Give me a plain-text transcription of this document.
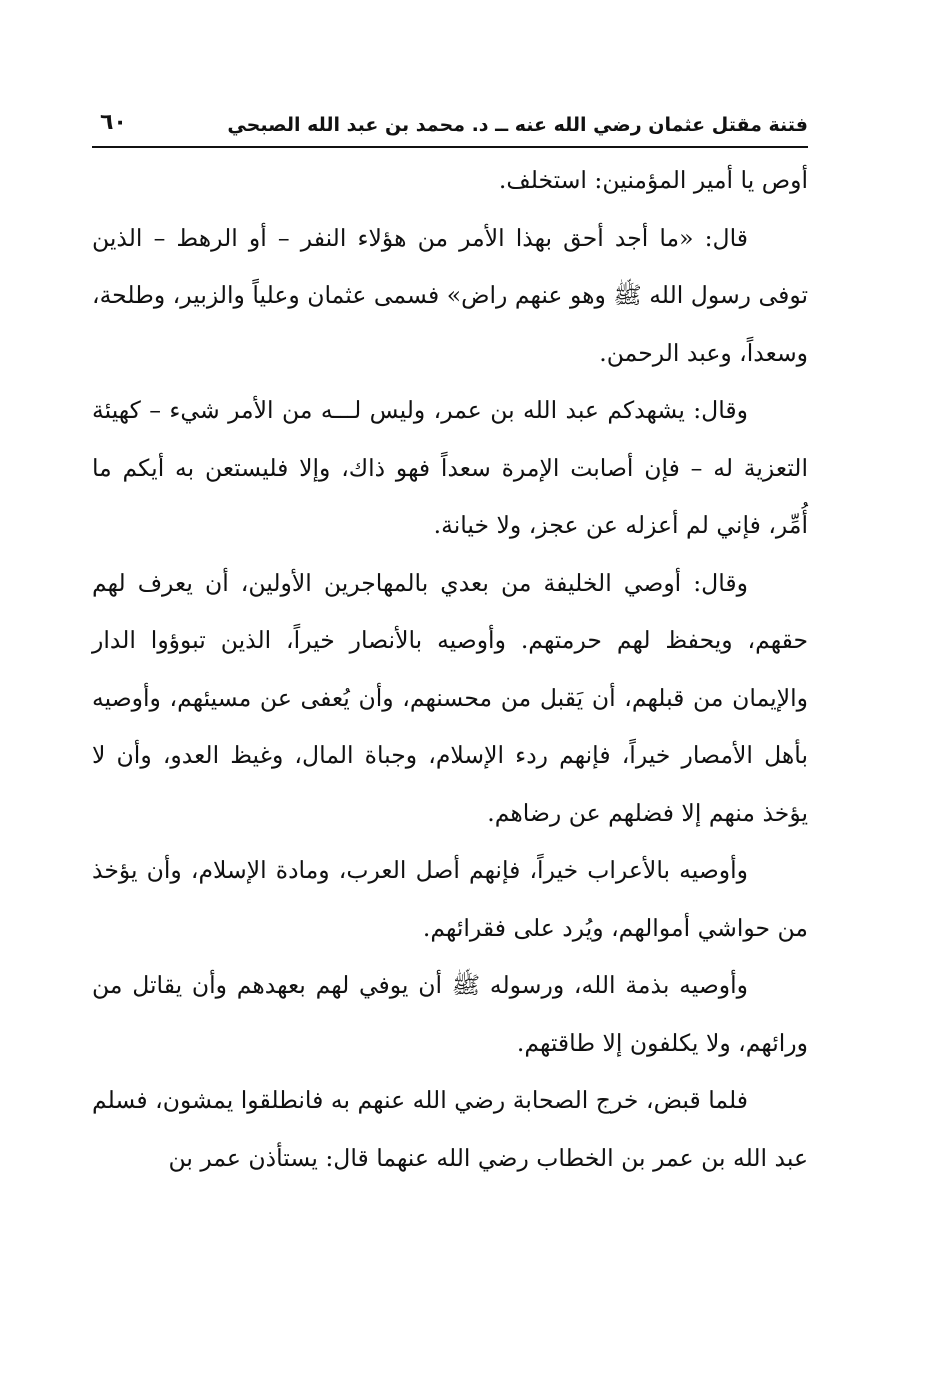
فتنة مقتل عثمان رضي الله عنه ــ د. محمد بن عبد الله الصبحي
٦٠

أوص يا أمير المؤمنين: استخلف.

قال: «ما أجد أحق بهذا الأمر من هؤلاء النفر – أو الرهط – الذين توفى رسول الله ﷺ وهو عنهم راض» فسمى عثمان وعلياً والزبير، وطلحة، وسعداً، وعبد الرحمن.

وقال: يشهدكم عبد الله بن عمر، وليس لـــه من الأمر شيء – كهيئة التعزية له – فإن أصابت الإمرة سعداً فهو ذاك، وإلا فليستعن به أيكم ما أُمِّر، فإني لم أعزله عن عجز، ولا خيانة.

وقال: أوصي الخليفة من بعدي بالمهاجرين الأولين، أن يعرف لهم حقهم، ويحفظ لهم حرمتهم. وأوصيه بالأنصار خيراً، الذين تبوؤوا الدار والإيمان من قبلهم، أن يَقبل من محسنهم، وأن يُعفى عن مسيئهم، وأوصيه بأهل الأمصار خيراً، فإنهم ردء الإسلام، وجباة المال، وغيظ العدو، وأن لا يؤخذ منهم إلا فضلهم عن رضاهم.

وأوصيه بالأعراب خيراً، فإنهم أصل العرب، ومادة الإسلام، وأن يؤخذ من حواشي أموالهم، ويُرد على فقرائهم.

وأوصيه بذمة الله، ورسوله ﷺ أن يوفي لهم بعهدهم وأن يقاتل من ورائهم، ولا يكلفون إلا طاقتهم.

فلما قبض، خرج الصحابة رضي الله عنهم به فانطلقوا يمشون، فسلم عبد الله بن عمر بن الخطاب رضي الله عنهما قال: يستأذن عمر بن
